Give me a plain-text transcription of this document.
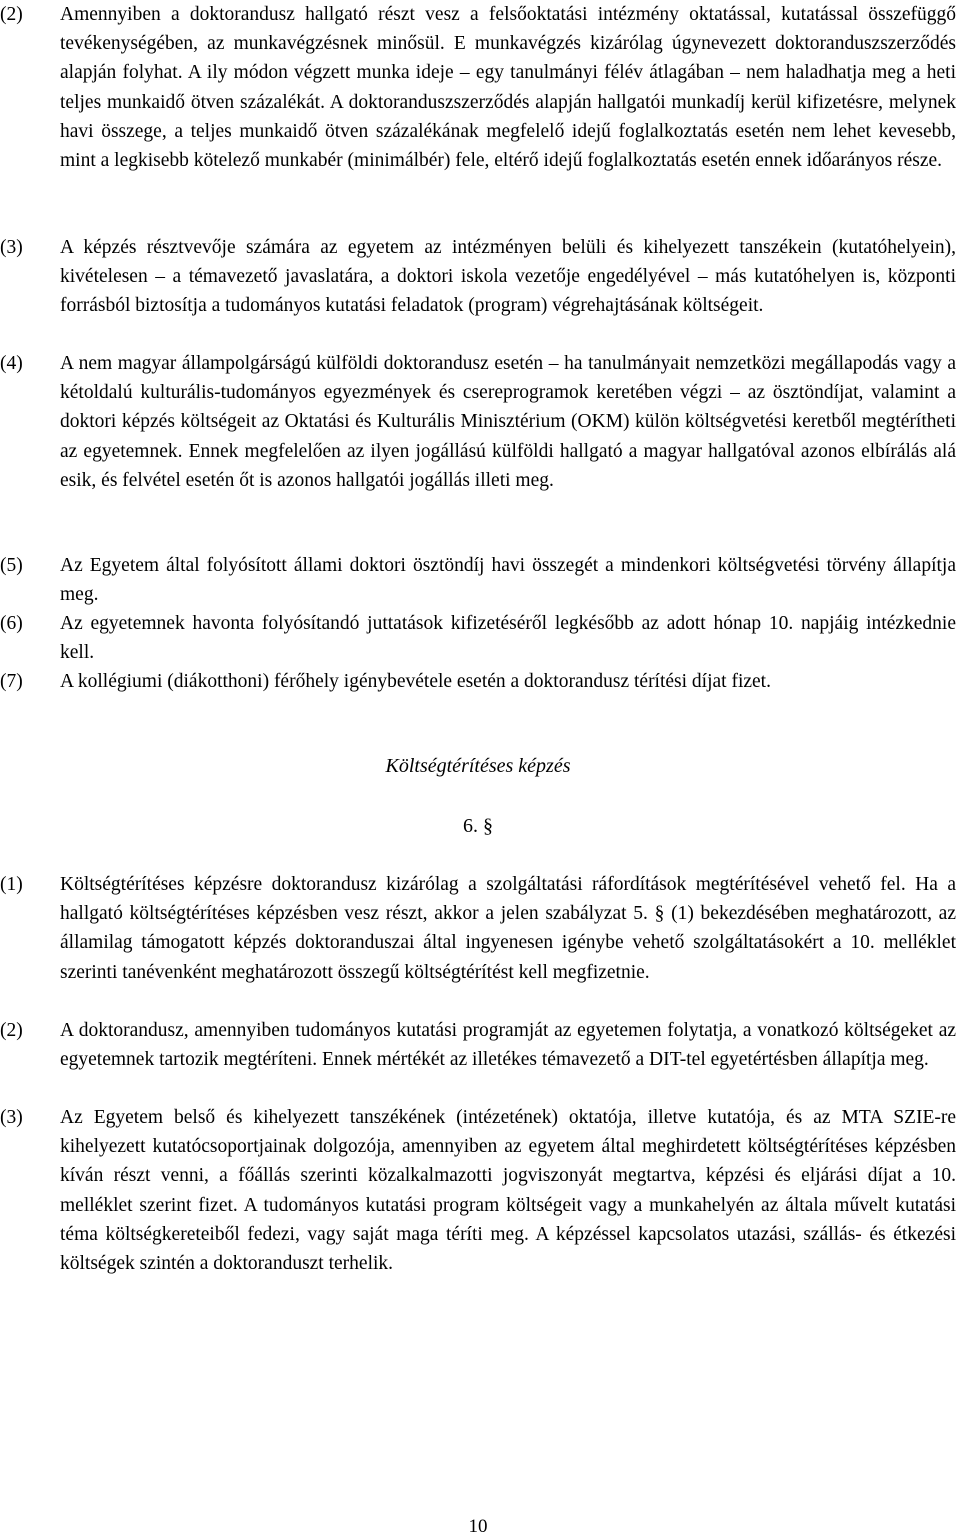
(2)	Amennyiben a doktorandusz hallgató részt vesz a felsőoktatási intézmény oktatással, kutatással összefüggő tevékenységében, az munkavégzésnek minősül. E munkavégzés kizárólag úgynevezett doktoranduszszerződés alapján folyhat. A ily módon végzett munka ideje – egy tanulmányi félév átlagában – nem haladhatja meg a heti teljes munkaidő ötven százalékát. A doktoranduszszerződés alapján hallgatói munkadíj kerül kifizetésre, melynek havi összege, a teljes munkaidő ötven százalékának megfelelő idejű foglalkoztatás esetén nem lehet kevesebb, mint a legkisebb kötelező munkabér (minimálbér) fele, eltérő idejű foglalkoztatás esetén ennek időarányos része.
(3)	A képzés résztvevője számára az egyetem az intézményen belüli és kihelyezett tanszékein (kutatóhelyein), kivételesen – a témavezető javaslatára, a doktori iskola vezetője engedélyével – más kutatóhelyen is, központi forrásból biztosítja a tudományos kutatási feladatok (program) végrehajtásának költségeit.
(4)	A nem magyar állampolgárságú külföldi doktorandusz esetén – ha tanulmányait nemzetközi megállapodás vagy a kétoldalú kulturális-tudományos egyezmények és csereprogramok keretében végzi – az ösztöndíjat, valamint a doktori képzés költségeit az Oktatási és Kulturális Minisztérium (OKM) külön költségvetési keretből megtérítheti az egyetemnek. Ennek megfelelően az ilyen jogállású külföldi hallgató a magyar hallgatóval azonos elbírálás alá esik, és felvétel esetén őt is azonos hallgatói jogállás illeti meg.
(5)	Az Egyetem által folyósított állami doktori ösztöndíj havi összegét a mindenkori költségvetési törvény állapítja meg.
(6)	Az egyetemnek havonta folyósítandó juttatások kifizetéséről legkésőbb az adott hónap 10. napjáig intézkednie kell.
(7)	A kollégiumi (diákotthoni) férőhely igénybevétele esetén a doktorandusz térítési díjat fizet.
Költségtérítéses képzés
6. §
(1)	Költségtérítéses képzésre doktorandusz kizárólag a szolgáltatási ráfordítások megtérítésével vehető fel. Ha a hallgató költségtérítéses képzésben vesz részt, akkor a jelen szabályzat 5. § (1) bekezdésében meghatározott, az államilag támogatott képzés doktoranduszai által ingyenesen igénybe vehető szolgáltatásokért a 10. melléklet szerinti tanévenként meghatározott összegű költségtérítést kell megfizetnie.
(2)	A doktorandusz, amennyiben tudományos kutatási programját az egyetemen folytatja, a vonatkozó költségeket az egyetemnek tartozik megtéríteni. Ennek mértékét az illetékes témavezető a DIT-tel egyetértésben állapítja meg.
(3)	Az Egyetem belső és kihelyezett tanszékének (intézetének) oktatója, illetve kutatója, és az MTA SZIE-re kihelyezett kutatócsoportjainak dolgozója, amennyiben az egyetem által meghirdetett költségtérítéses képzésben kíván részt venni, a főállás szerinti közalkalmazotti jogviszonyát megtartva, képzési és eljárási díjat a 10. melléklet szerint fizet. A tudományos kutatási program költségeit vagy a munkahelyén az általa művelt kutatási téma költségkereteiből fedezi, vagy saját maga téríti meg. A képzéssel kapcsolatos utazási, szállás- és étkezési költségek szintén a doktoranduszt terhelik.
10
